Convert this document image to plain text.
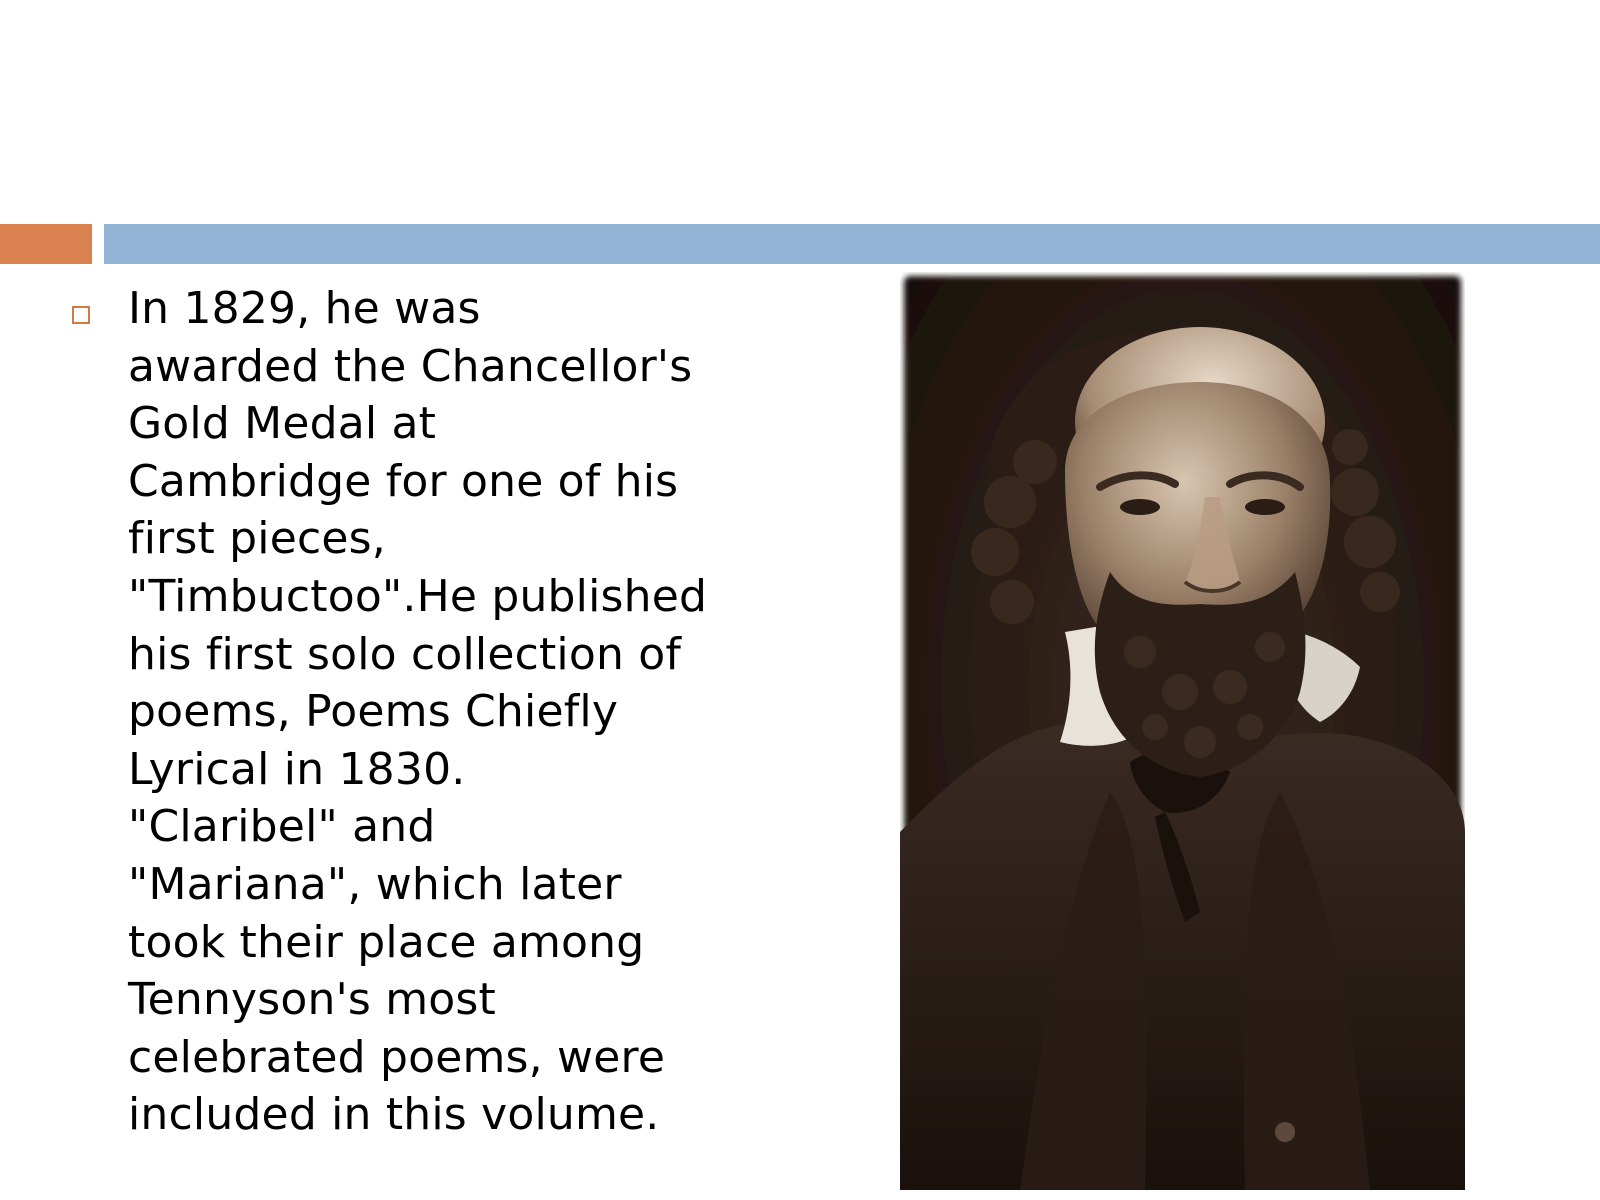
In 1829, he was
awarded the Chancellor's
Gold Medal at
Cambridge for one of his
first pieces,
"Timbuctoo".He published
his first solo collection of
poems, Poems Chiefly
Lyrical in 1830.
"Claribel" and
"Mariana", which later
took their place among
Tennyson's most
celebrated poems, were
included in this volume.
